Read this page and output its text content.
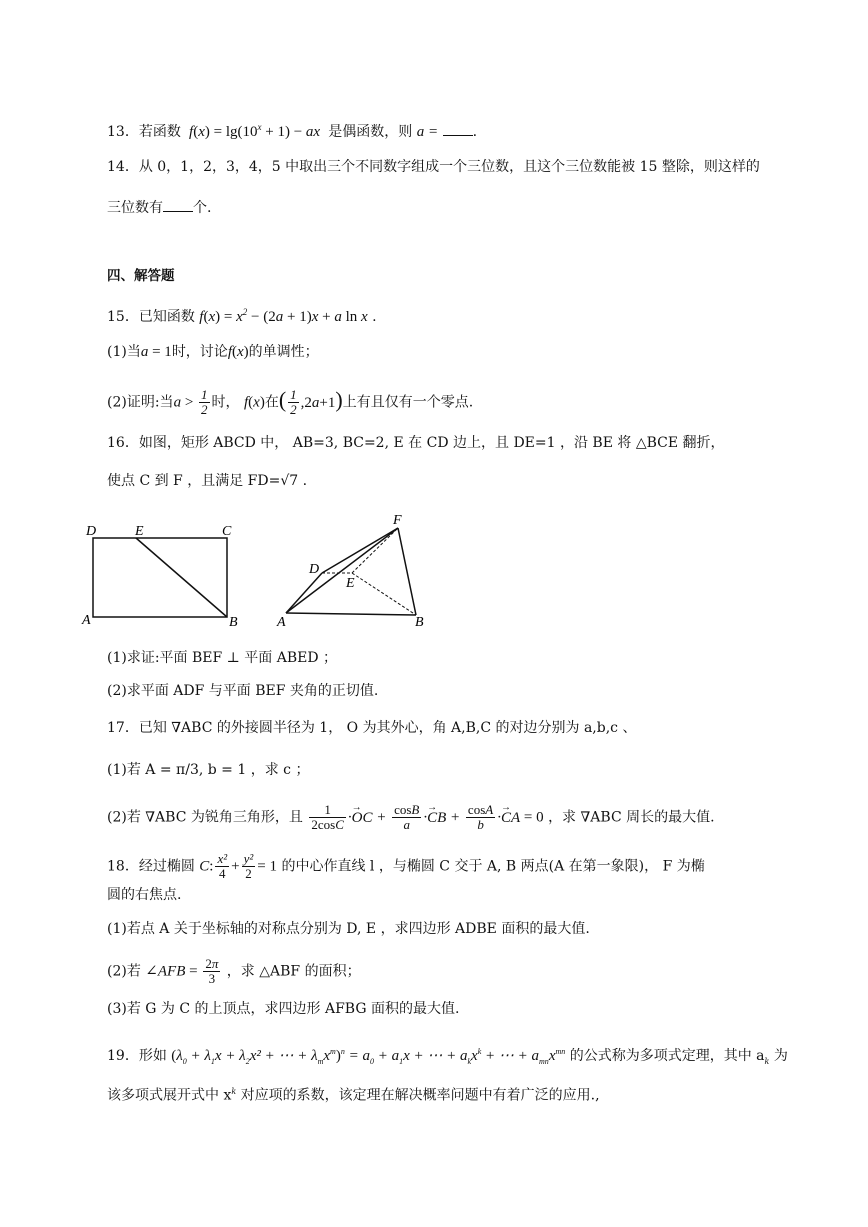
13．若函数  $f(x) = \lg(10^x + 1)$ − ax  是偶函数，则 a = .
14．从 0，1，2，3，4，5 中取出三个不同数字组成一个三位数，且这个三位数能被 15 整除，则这样的
三位数有 个.
四、解答题
15．已知函数 $f(x) = x^2 - (2a + 1)x + a$ ln x .
(1)当a = 1时，讨论f(x)的单调性；
(2)证明:当$a > \frac{1}{2}$ 时， f(x)在( $\frac{1}{2} ,2a+1$)上有且仅有一个零点.
16．如图，矩形 ABCD 中， AB=3, BC=2, E 在 CD 边上，且 DE=1 ，沿 BE 将 △BCE 翻折，
使点 C 到 F ，且满足 FD=√7 .
D	E	C
A	B
F
D
E
A	B
(1)求证:平面 BEF ⊥ 平面 ABED ；
(2)求平面 ADF 与平面 BEF 夹角的正切值.
17．已知 ∇ABC 的外接圆半径为 1， O 为其外心，角 A,B,C 的对边分别为 a,b,c 、
(1)若 A = π/3, b = 1 ，求 c ；
(2)若 ∇ABC 为锐角三角形，且 $\frac{1}{2\cos C}$ ·→ OC + $\frac{\cos B}{a}$ ·→ CB + $\frac{\cos A}{b}$ ·→ CA = 0 ，求 ∇ABC 周长的最大值.
18．经过椭圆 C: $\frac{\text{x²}}{4} + \frac{\text{y²}}{2} = 1$ 的中心作直线 l ，与椭圆 C 交于 A, B 两点(A 在第一象限)， F 为椭
圆的右焦点.
(1)若点 A 关于坐标轴的对称点分别为 D, E ，求四边形 ADBE 面积的最大值.
(2)若 ∠AFB = $\frac{2\pi}{3}$ ，求 △ABF 的面积；
(3)若 G 为 C 的上顶点，求四边形 AFBG 面积的最大值.
19．形如 ($\lambda_0 + \lambda_1x + \lambda_2x^2$ + ⋯ + $\lambda_mx^m)^n = a_0 + a_1x$ + ⋯ + $a_kx^k$ + ⋯ + $a_{mn}x^{mn}$ 的公式称为多项式定理，其中 $a_k$ 为
该多项式展开式中 $x^k$ 对应项的系数，该定理在解决概率问题中有着广泛的应用.,
